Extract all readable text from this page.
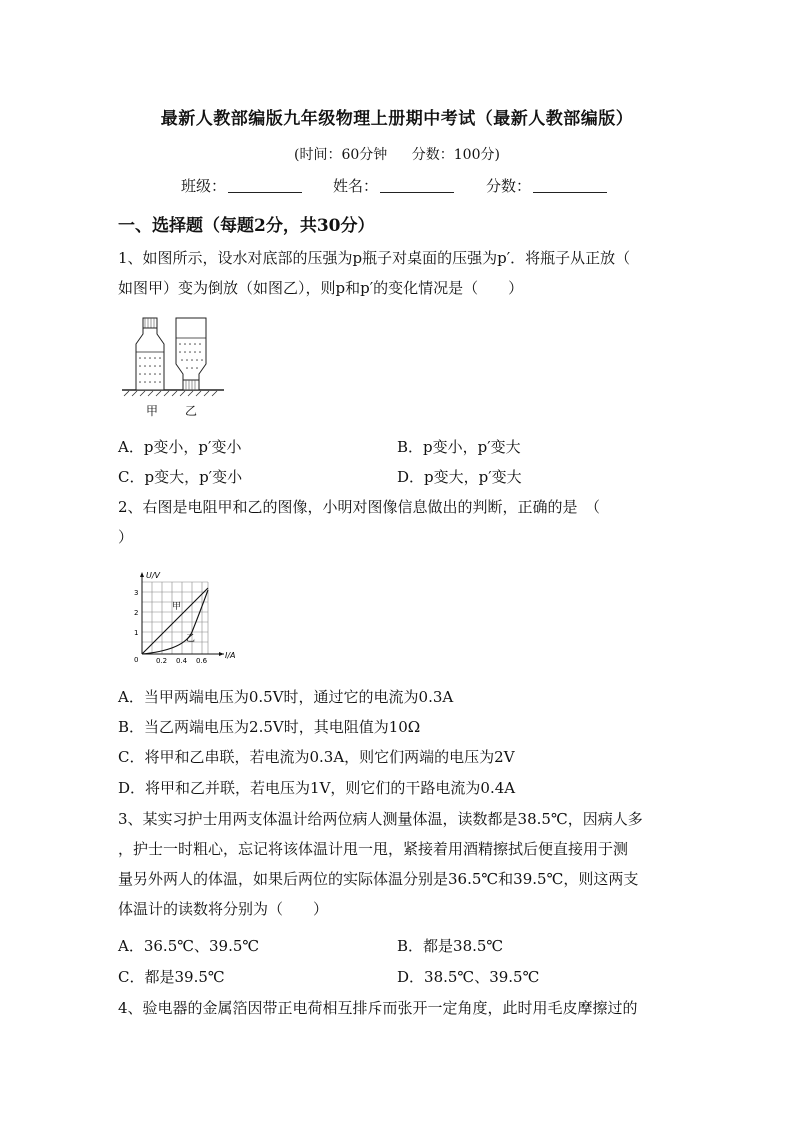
最新人教部编版九年级物理上册期中考试（最新人教部编版）
(时间：60分钟 分数：100分)
班级：	姓名：	分数：
一、选择题（每题2分，共30分）
1、如图所示，设水对底部的压强为p瓶子对桌面的压强为p′．将瓶子从正放（
如图甲）变为倒放（如图乙），则p和p′的变化情况是（　　）
甲 乙
A．p变小，p′变小	B．p变小，p′变大
C．p变大，p′变小	D．p变大，p′变大
2、右图是电阻甲和乙的图像，小明对图像信息做出的判断，正确的是　（
）
U/V
I/A
3
2
1
0	0.2 0.4 0.6
甲
乙
A．当甲两端电压为0.5V时，通过它的电流为0.3A
B．当乙两端电压为2.5V时，其电阻值为10Ω
C．将甲和乙串联，若电流为0.3A，则它们两端的电压为2V
D．将甲和乙并联，若电压为1V，则它们的干路电流为0.4A
3、某实习护士用两支体温计给两位病人测量体温，读数都是38.5℃，因病人多
，护士一时粗心，忘记将该体温计甩一甩，紧接着用酒精擦拭后便直接用于测
量另外两人的体温，如果后两位的实际体温分别是36.5℃和39.5℃，则这两支
体温计的读数将分别为（　　）
A．36.5℃、39.5℃	B．都是38.5℃
C．都是39.5℃	D．38.5℃、39.5℃
4、验电器的金属箔因带正电荷相互排斥而张开一定角度，此时用毛皮摩擦过的
